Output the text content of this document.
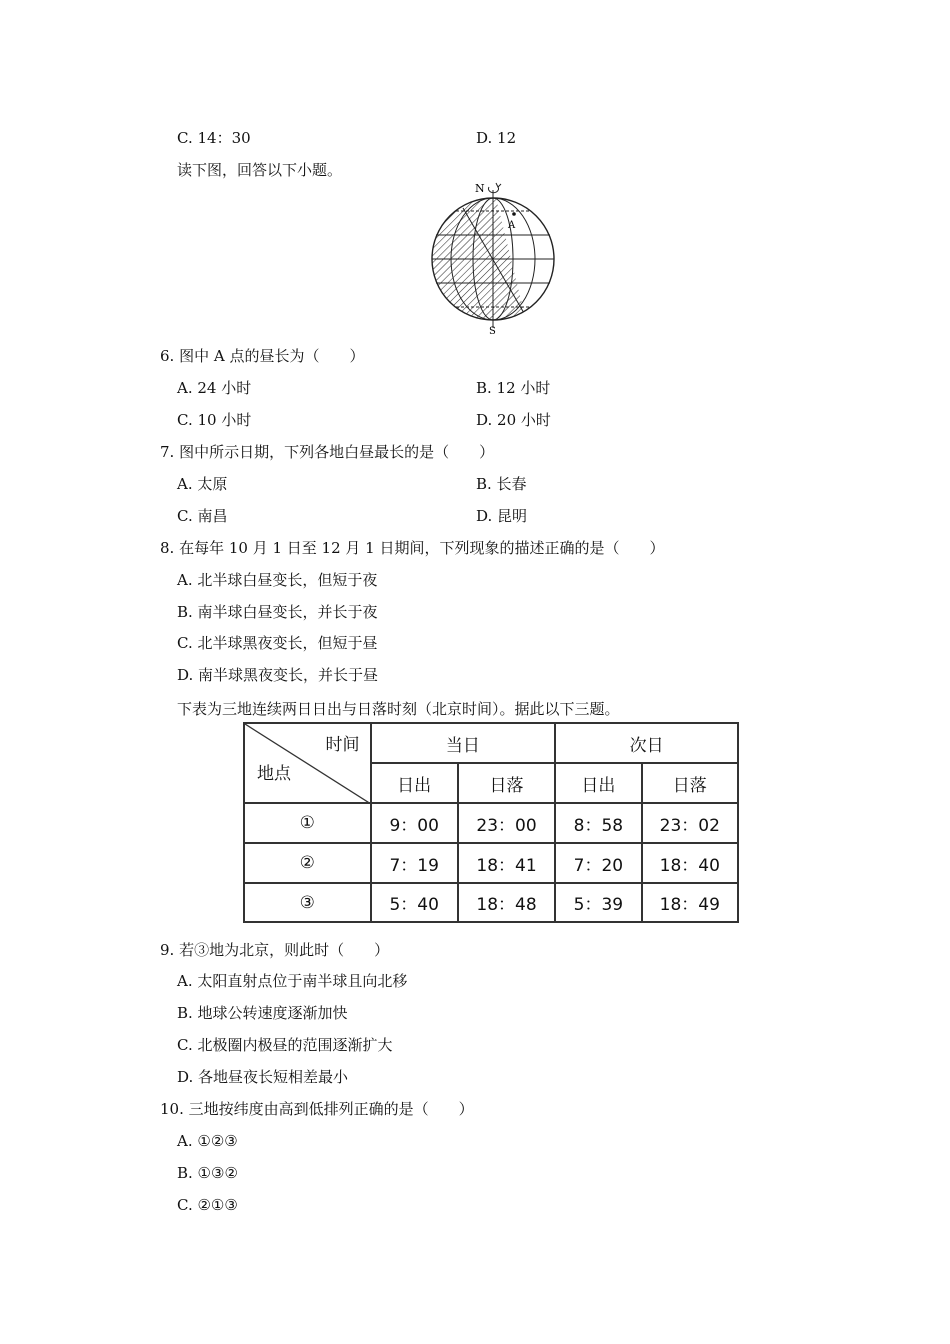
C. 14：30	D. 12
读下图，回答以下小题。
N
S
A
6. 图中 A 点的昼长为（　　）
A. 24 小时	B. 12 小时
C. 10 小时	D. 20 小时
7. 图中所示日期，下列各地白昼最长的是（　　）
A. 太原	B. 长春
C. 南昌	D. 昆明
8. 在每年 10 月 1 日至 12 月 1 日期间，下列现象的描述正确的是（　　）
A. 北半球白昼变长，但短于夜
B. 南半球白昼变长，并长于夜
C. 北半球黑夜变长，但短于昼
D. 南半球黑夜变长，并长于昼
下表为三地连续两日日出与日落时刻（北京时间）。据此以下三题。
时间
地点	当日		次日	
	日出	日落	日出	日落
①	9：00	23：00	8：58	23：02
②	7：19	18：41	7：20	18：40
③	5：40	18：48	5：39	18：49
9. 若③地为北京，则此时（　　）
A. 太阳直射点位于南半球且向北移
B. 地球公转速度逐渐加快
C. 北极圈内极昼的范围逐渐扩大
D. 各地昼夜长短相差最小
10. 三地按纬度由高到低排列正确的是（　　）
A. ①②③
B. ①③②
C. ②①③
